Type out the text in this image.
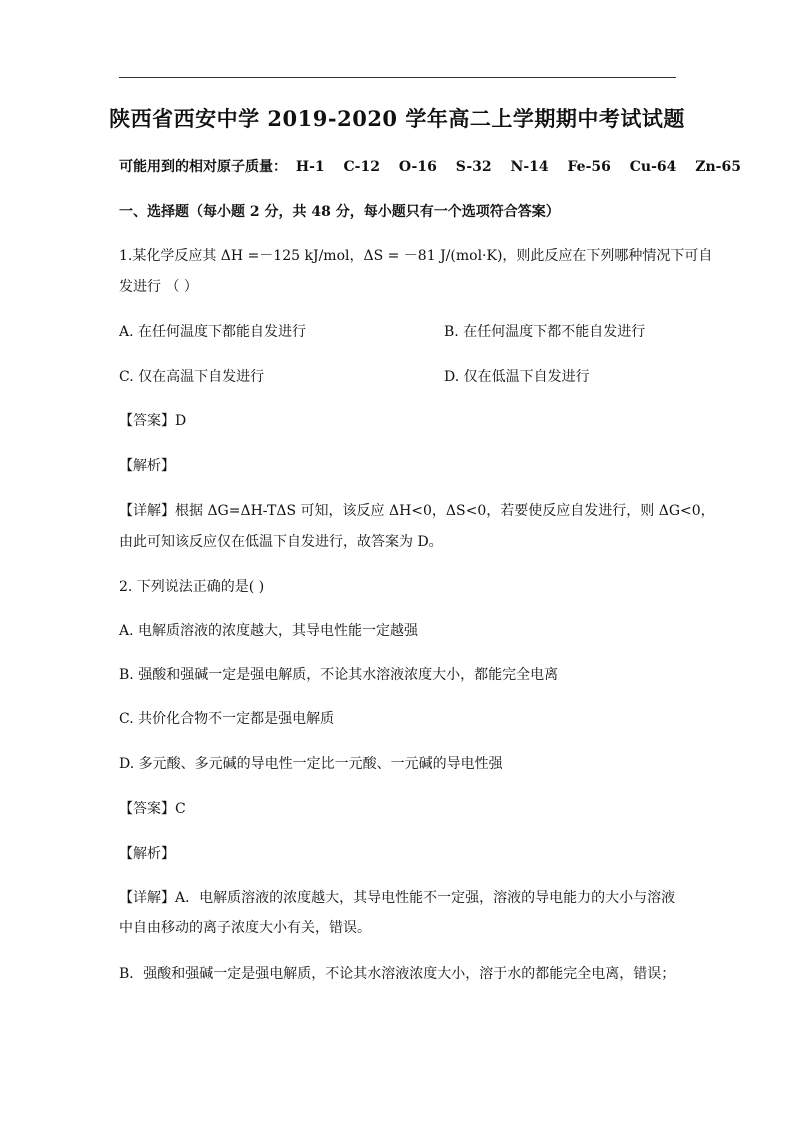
陕西省西安中学 2019-2020 学年高二上学期期中考试试题
可能用到的相对原子质量： H-1 C-12 O-16 S-32 N-14 Fe-56 Cu-64 Zn-65
一、选择题（每小题 2 分，共 48 分，每小题只有一个选项符合答案）
1.某化学反应其 ΔH =－125 kJ/mol，ΔS = －81 J/(mol·K)，则此反应在下列哪种情况下可自
发进行 （ ）
A. 在任何温度下都能自发进行	B. 在任何温度下都不能自发进行
C. 仅在高温下自发进行	D. 仅在低温下自发进行
【答案】D
【解析】
【详解】根据 ΔG=ΔH-TΔS 可知，该反应 ΔH<0，ΔS<0，若要使反应自发进行，则 ΔG<0，
由此可知该反应仅在低温下自发进行，故答案为 D。
2. 下列说法正确的是( )
A. 电解质溶液的浓度越大，其导电性能一定越强
B. 强酸和强碱一定是强电解质，不论其水溶液浓度大小，都能完全电离
C. 共价化合物不一定都是强电解质
D. 多元酸、多元碱的导电性一定比一元酸、一元碱的导电性强
【答案】C
【解析】
【详解】A．电解质溶液的浓度越大，其导电性能不一定强，溶液的导电能力的大小与溶液
中自由移动的离子浓度大小有关，错误。
B．强酸和强碱一定是强电解质，不论其水溶液浓度大小，溶于水的都能完全电离，错误；
